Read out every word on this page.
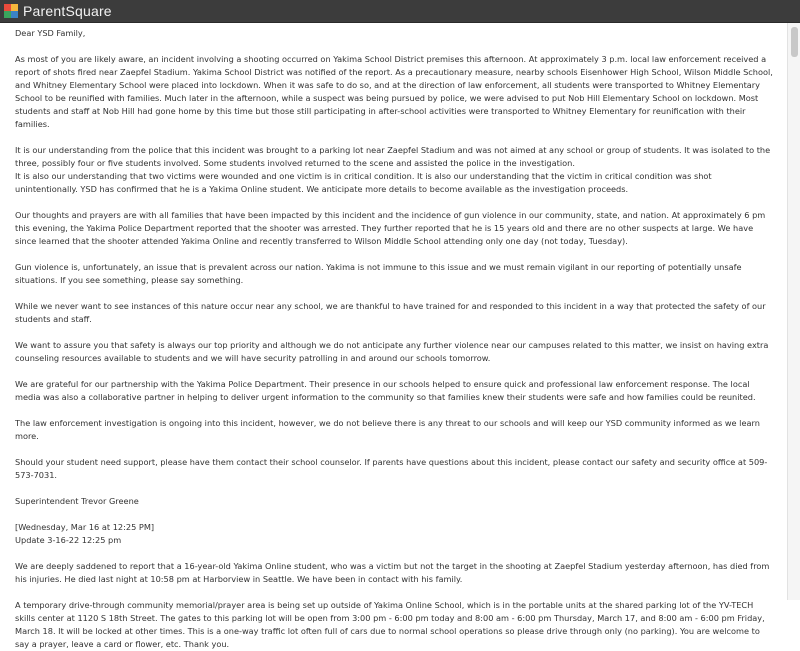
ParentSquare

Dear YSD Family,

As most of you are likely aware, an incident involving a shooting occurred on Yakima School District premises this afternoon. At approximately 3 p.m. local law enforcement received a report of shots fired near Zaepfel Stadium. Yakima School District was notified of the report. As a precautionary measure, nearby schools Eisenhower High School, Wilson Middle School, and Whitney Elementary School were placed into lockdown. When it was safe to do so, and at the direction of law enforcement, all students were transported to Whitney Elementary School to be reunified with families. Much later in the afternoon, while a suspect was being pursued by police, we were advised to put Nob Hill Elementary School on lockdown. Most students and staff at Nob Hill had gone home by this time but those still participating in after-school activities were transported to Whitney Elementary for reunification with their families.

It is our understanding from the police that this incident was brought to a parking lot near Zaepfel Stadium and was not aimed at any school or group of students. It was isolated to the three, possibly four or five students involved. Some students involved returned to the scene and assisted the police in the investigation.

It is also our understanding that two victims were wounded and one victim is in critical condition. It is also our understanding that the victim in critical condition was shot unintentionally. YSD has confirmed that he is a Yakima Online student. We anticipate more details to become available as the investigation proceeds.

Our thoughts and prayers are with all families that have been impacted by this incident and the incidence of gun violence in our community, state, and nation. At approximately 6 pm this evening, the Yakima Police Department reported that the shooter was arrested. They further reported that he is 15 years old and there are no other suspects at large. We have since learned that the shooter attended Yakima Online and recently transferred to Wilson Middle School attending only one day (not today, Tuesday).

Gun violence is, unfortunately, an issue that is prevalent across our nation. Yakima is not immune to this issue and we must remain vigilant in our reporting of potentially unsafe situations. If you see something, please say something.

While we never want to see instances of this nature occur near any school, we are thankful to have trained for and responded to this incident in a way that protected the safety of our students and staff.

We want to assure you that safety is always our top priority and although we do not anticipate any further violence near our campuses related to this matter, we insist on having extra counseling resources available to students and we will have security patrolling in and around our schools tomorrow.

We are grateful for our partnership with the Yakima Police Department. Their presence in our schools helped to ensure quick and professional law enforcement response. The local media was also a collaborative partner in helping to deliver urgent information to the community so that families knew their students were safe and how families could be reunited.

The law enforcement investigation is ongoing into this incident, however, we do not believe there is any threat to our schools and will keep our YSD community informed as we learn more.

Should your student need support, please have them contact their school counselor. If parents have questions about this incident, please contact our safety and security office at 509-573-7031.

Superintendent Trevor Greene

[Wednesday, Mar 16 at 12:25 PM]

Update 3-16-22 12:25 pm

We are deeply saddened to report that a 16-year-old Yakima Online student, who was a victim but not the target in the shooting at Zaepfel Stadium yesterday afternoon, has died from his injuries. He died last night at 10:58 pm at Harborview in Seattle. We have been in contact with his family.

A temporary drive-through community memorial/prayer area is being set up outside of Yakima Online School, which is in the portable units at the shared parking lot of the YV-TECH skills center at 1120 S 18th Street. The gates to this parking lot will be open from 3:00 pm - 6:00 pm today and 8:00 am - 6:00 pm Thursday, March 17, and 8:00 am - 6:00 pm Friday, March 18. It will be locked at other times. This is a one-way traffic lot often full of cars due to normal school operations so please drive through only (no parking). You are welcome to say a prayer, leave a card or flower, etc. Thank you.
